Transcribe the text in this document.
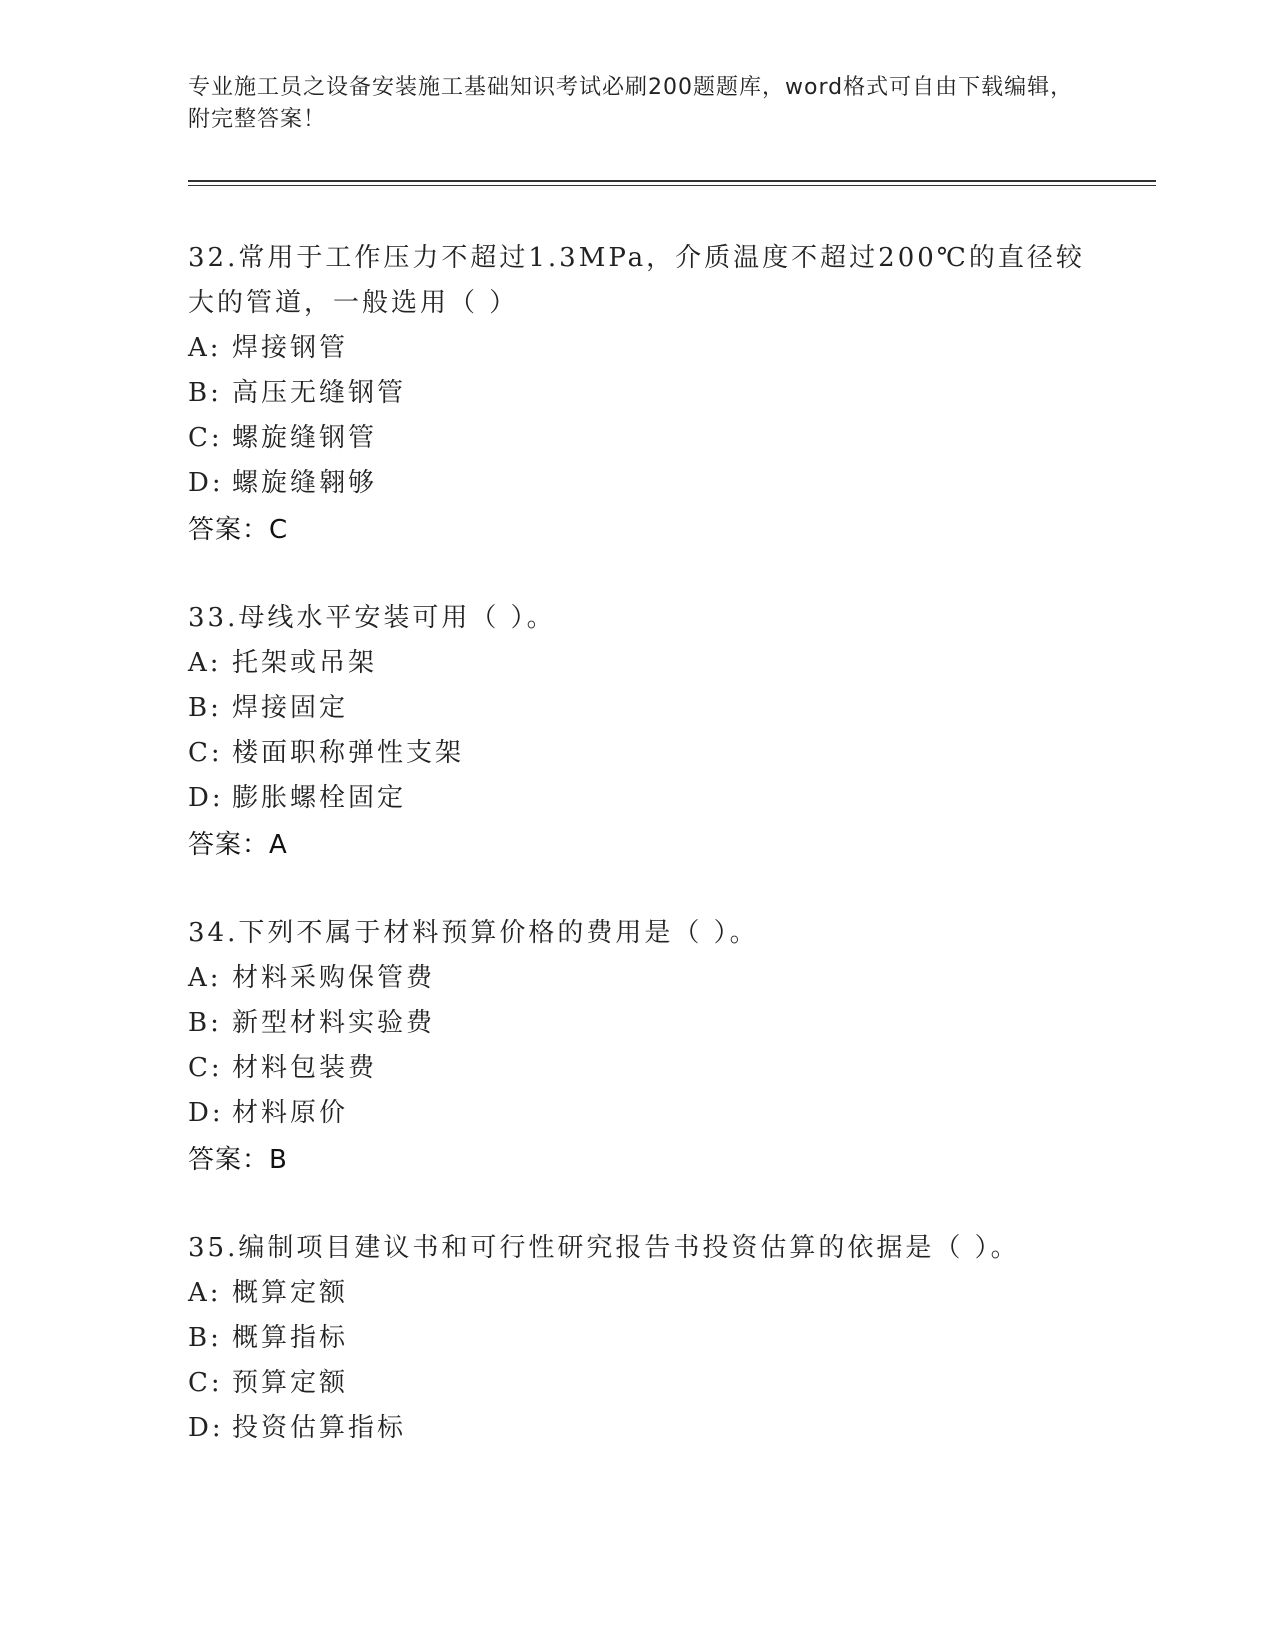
专业施工员之设备安装施工基础知识考试必刷200题题库，word格式可自由下载编辑，附完整答案！
32.常用于工作压力不超过1.3MPa，介质温度不超过200℃的直径较大的管道，一般选用（ ）
A: 焊接钢管
B: 高压无缝钢管
C: 螺旋缝钢管
D: 螺旋缝翱够
答案：C
33.母线水平安装可用（ ）。
A: 托架或吊架
B: 焊接固定
C: 楼面职称弹性支架
D: 膨胀螺栓固定
答案：A
34.下列不属于材料预算价格的费用是（ ）。
A: 材料采购保管费
B: 新型材料实验费
C: 材料包装费
D: 材料原价
答案：B
35.编制项目建议书和可行性研究报告书投资估算的依据是（ ）。
A: 概算定额
B: 概算指标
C: 预算定额
D: 投资估算指标
